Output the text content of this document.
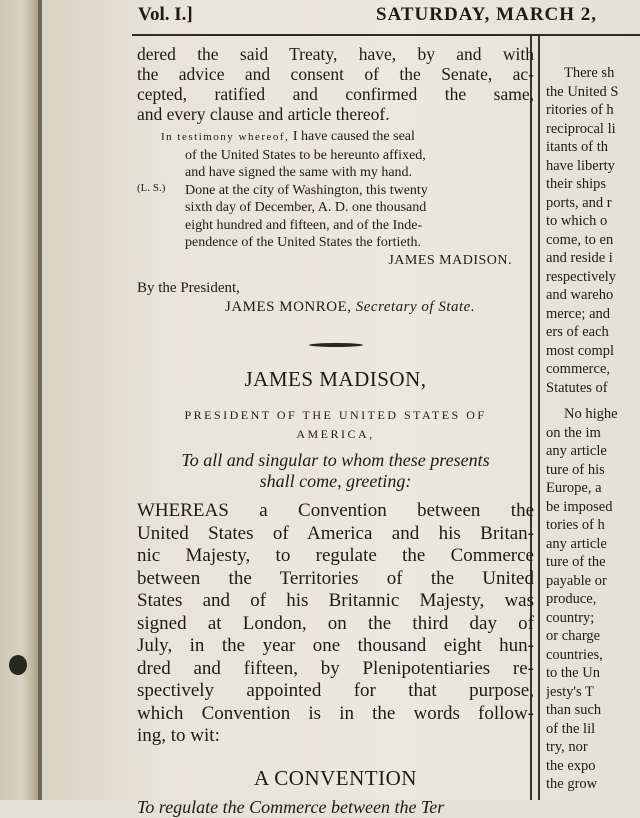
Vol. I.]	SATURDAY, MARCH 2,
dered the said Treaty, have, by and with
the advice and consent of the Senate, ac-
cepted, ratified and confirmed the same,
and every clause and article thereof.
In testimony whereof, I have caused the seal
of the United States to be hereunto affixed,
and have signed the same with my hand.
Done at the city of Washington, this twenty
sixth day of December, A. D. one thousand
eight hundred and fifteen, and of the Inde-
pendence of the United States the fortieth.
(L. S.)
JAMES MADISON.
By the President,
JAMES MONROE, Secretary of State.
JAMES MADISON,
PRESIDENT OF THE UNITED STATES OF
AMERICA,
To all and singular to whom these presents
shall come, greeting:
WHEREAS a Convention between the
United States of America and his Britan-
nic Majesty, to regulate the Commerce
between the Territories of the United
States and of his Britannic Majesty, was
signed at London, on the third day of
July, in the year one thousand eight hun-
dred and fifteen, by Plenipotentiaries re-
spectively appointed for that purpose,
which Convention is in the words follow-
ing, to wit:
A CONVENTION
To regulate the Commerce between the Ter
There sh
the United S
ritories of h
reciprocal li
itants of th
have liberty
their ships
ports, and r
to which o
come, to en
and reside i
respectively
and wareho
merce; and
ers of each
most compl
commerce,
Statutes of
No highe
on the im
any article
ture of his
Europe, a
be imposed
tories of h
any article
ture of the
payable or
produce,
country;
or charge
countries,
to the Un
jesty's T
than such
of the lil
try, nor
the expo
the grow
